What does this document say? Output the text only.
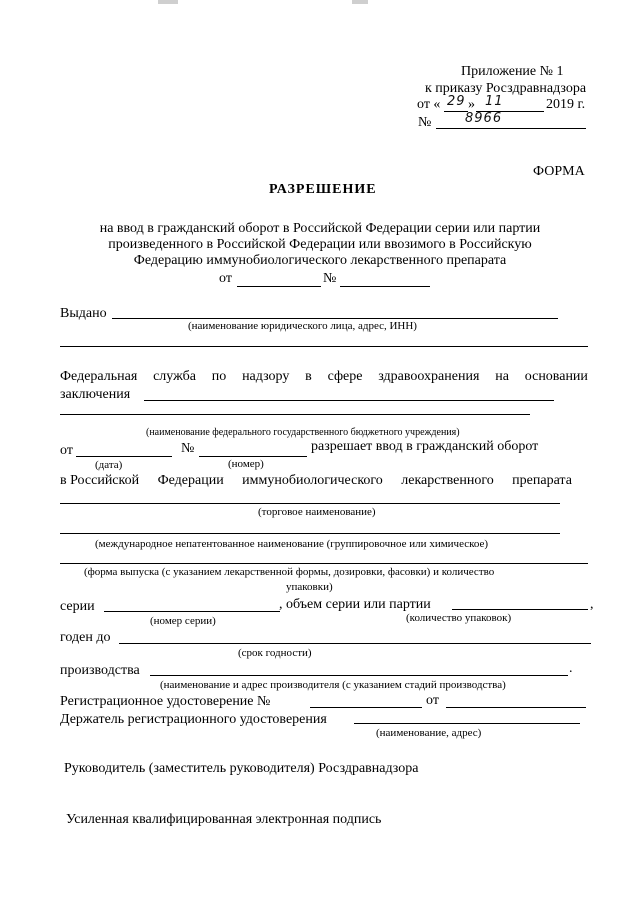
Приложение № 1
к приказу Росздравнадзора
от « 29 » 11	2019 г.
№	8966
ФОРМА
РАЗРЕШЕНИЕ
на ввод в гражданский оборот в Российской Федерации серии или партии
произведенного в Российской Федерации или ввозимого в Российскую
Федерацию иммунобиологического лекарственного препарата
от	№
Выдано
(наименование юридического лица, адрес, ИНН)
Федеральная служба по надзору в сфере здравоохранения на основании
заключения
(наименование федерального государственного бюджетного учреждения)
от	№	разрешает ввод в гражданский оборот
(дата)	(номер)
в Российской Федерации иммунобиологического лекарственного препарата
(торговое наименование)
(международное непатентованное наименование (группировочное или химическое)
(форма выпуска (с указанием лекарственной формы, дозировки, фасовки) и количество
упаковки)
серии	, объем серии или партии	,
(номер серии)	(количество упаковок)
годен до
(срок годности)
производства	.
(наименование и адрес производителя (с указанием стадий производства)
Регистрационное удостоверение №	от
Держатель регистрационного удостоверения
(наименование, адрес)
Руководитель (заместитель руководителя) Росздравнадзора
Усиленная квалифицированная электронная подпись
